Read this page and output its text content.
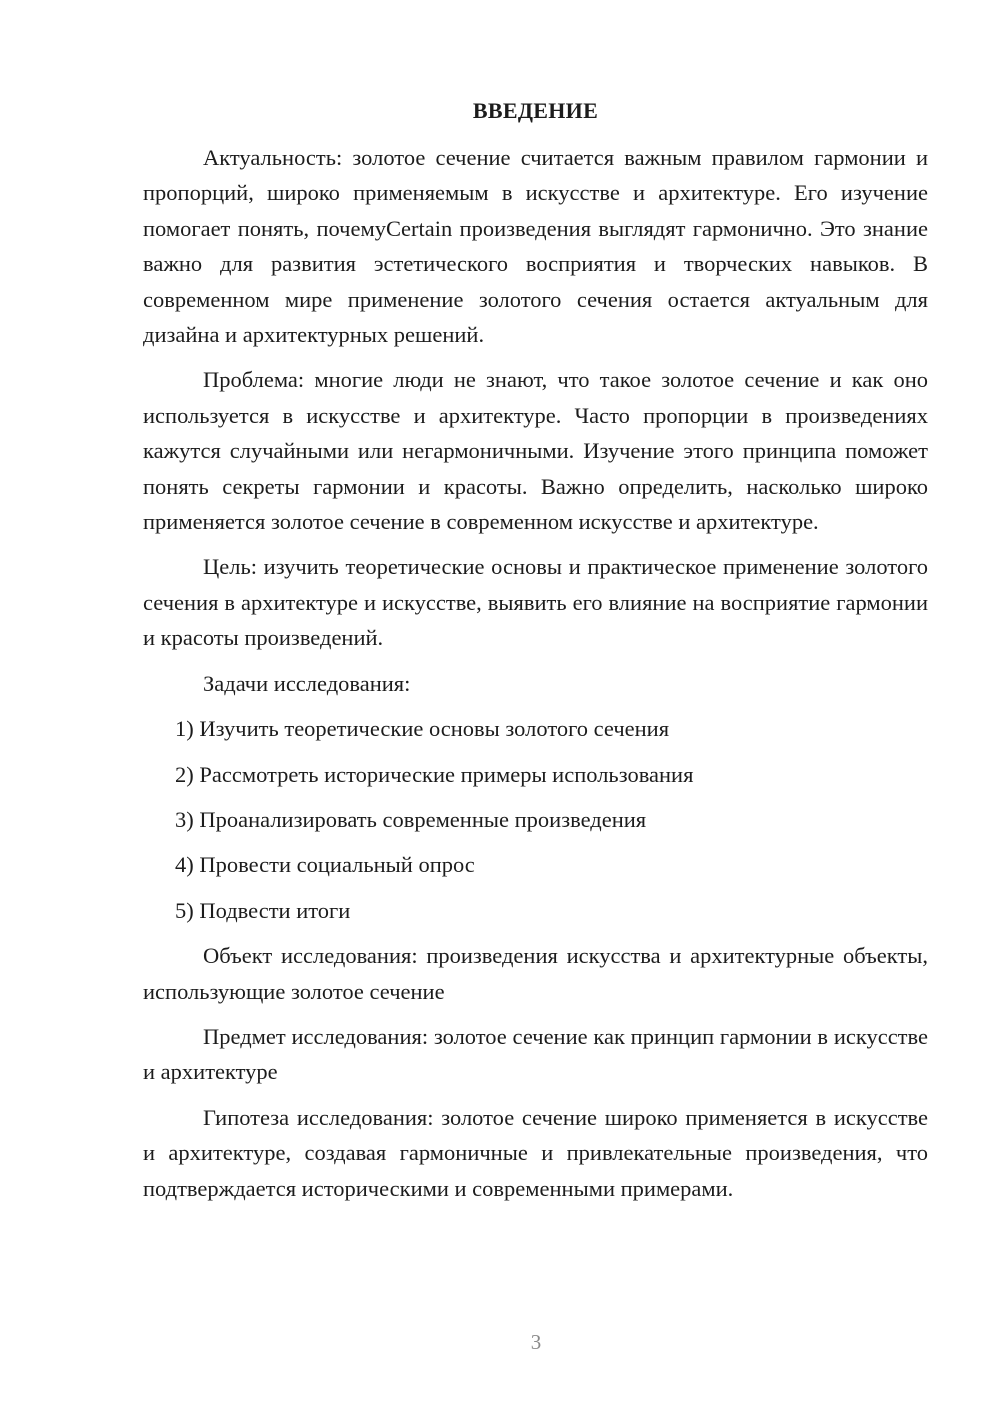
ВВЕДЕНИЕ

Актуальность: золотое сечение считается важным правилом гармонии и пропорций, широко применяемым в искусстве и архитектуре. Его изучение помогает понять, почемуCertain произведения выглядят гармонично. Это знание важно для развития эстетического восприятия и творческих навыков. В современном мире применение золотого сечения остается актуальным для дизайна и архитектурных решений.

Проблема: многие люди не знают, что такое золотое сечение и как оно используется в искусстве и архитектуре. Часто пропорции в произведениях кажутся случайными или негармоничными. Изучение этого принципа поможет понять секреты гармонии и красоты. Важно определить, насколько широко применяется золотое сечение в современном искусстве и архитектуре.

Цель: изучить теоретические основы и практическое применение золотого сечения в архитектуре и искусстве, выявить его влияние на восприятие гармонии и красоты произведений.

Задачи исследования:

1) Изучить теоретические основы золотого сечения
2) Рассмотреть исторические примеры использования
3) Проанализировать современные произведения
4) Провести социальный опрос
5) Подвести итоги

Объект исследования: произведения искусства и архитектурные объекты, использующие золотое сечение

Предмет исследования: золотое сечение как принцип гармонии в искусстве и архитектуре

Гипотеза исследования: золотое сечение широко применяется в искусстве и архитектуре, создавая гармоничные и привлекательные произведения, что подтверждается историческими и современными примерами.

3
